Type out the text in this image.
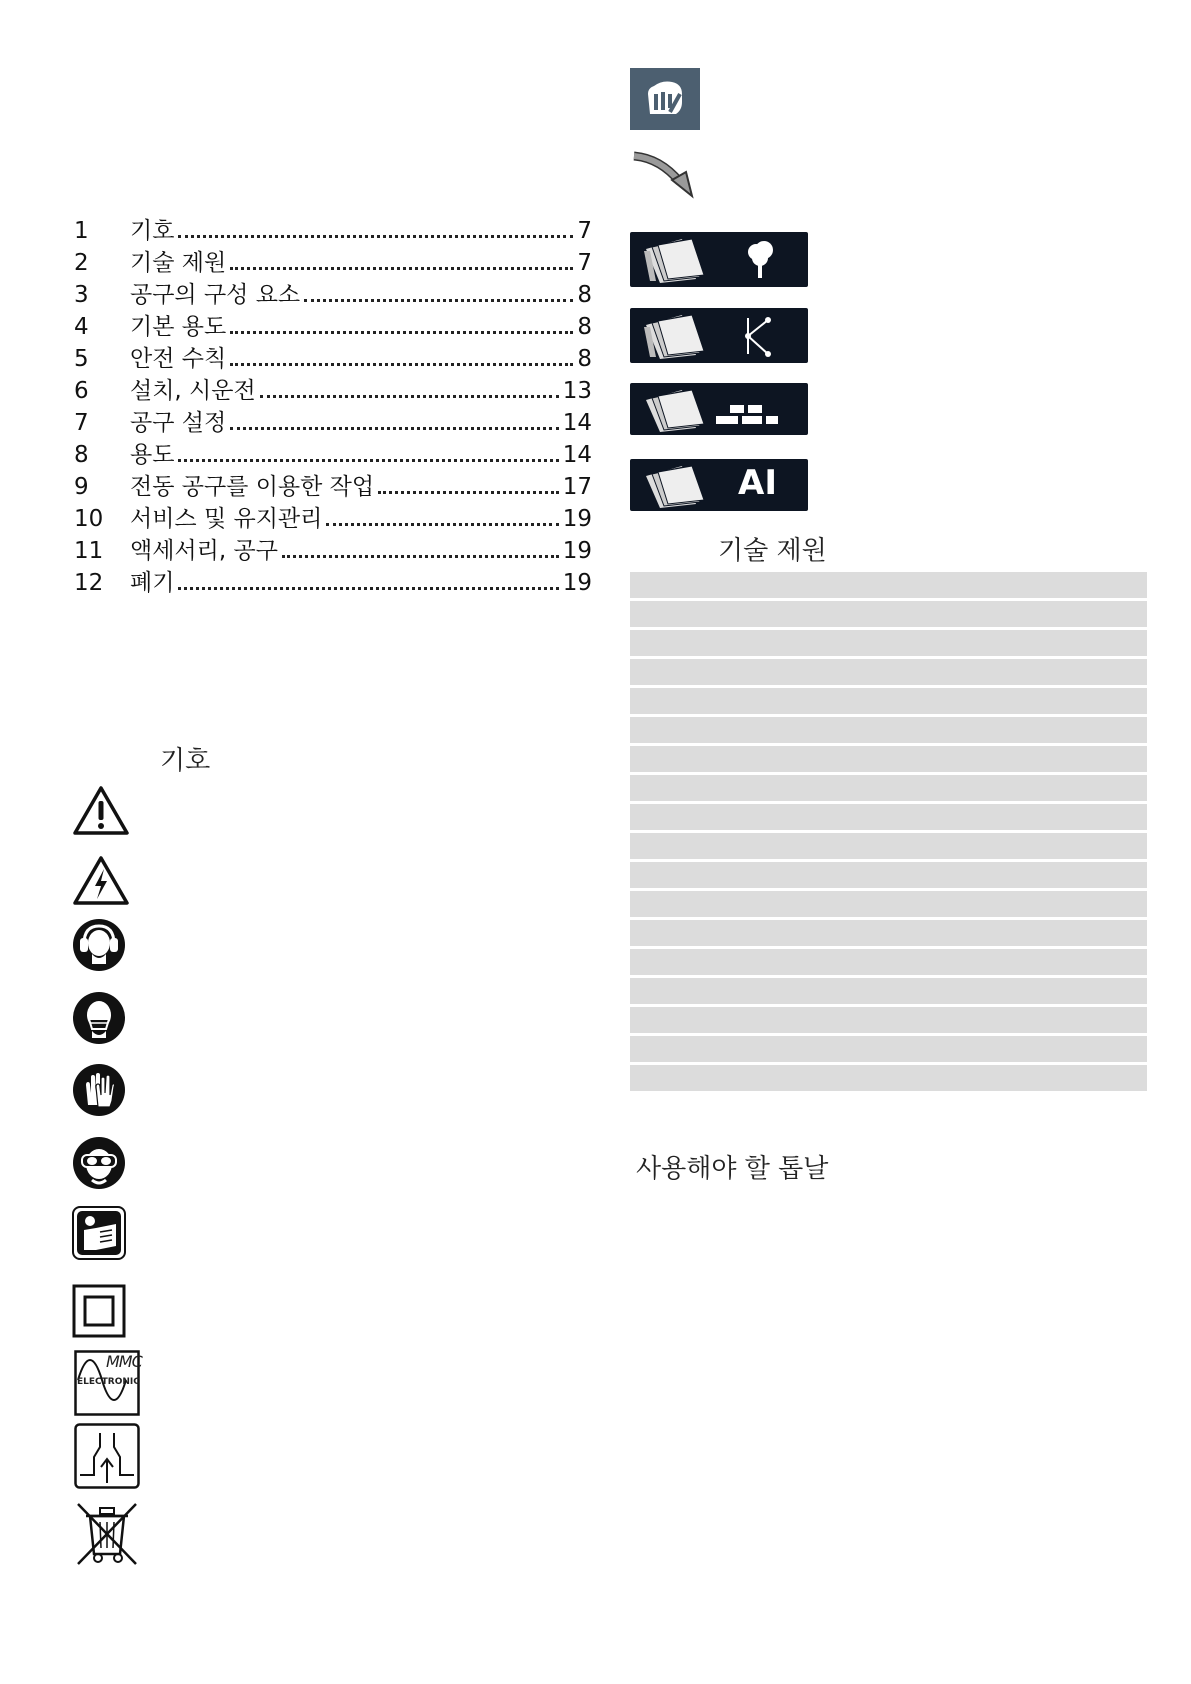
1	기호	7
2	기술 제원	7
3	공구의 구성 요소	8
4	기본 용도	8
5	안전 수칙	8
6	설치, 시운전	13
7	공구 설정	14
8	용도	14
9	전동 공구를 이용한 작업	17
10	서비스 및 유지관리	19
11	액세서리, 공구	19
12	폐기	19
기호
MMC
ELECTRONIC
AI
기술 제원
사용해야 할 톱날
